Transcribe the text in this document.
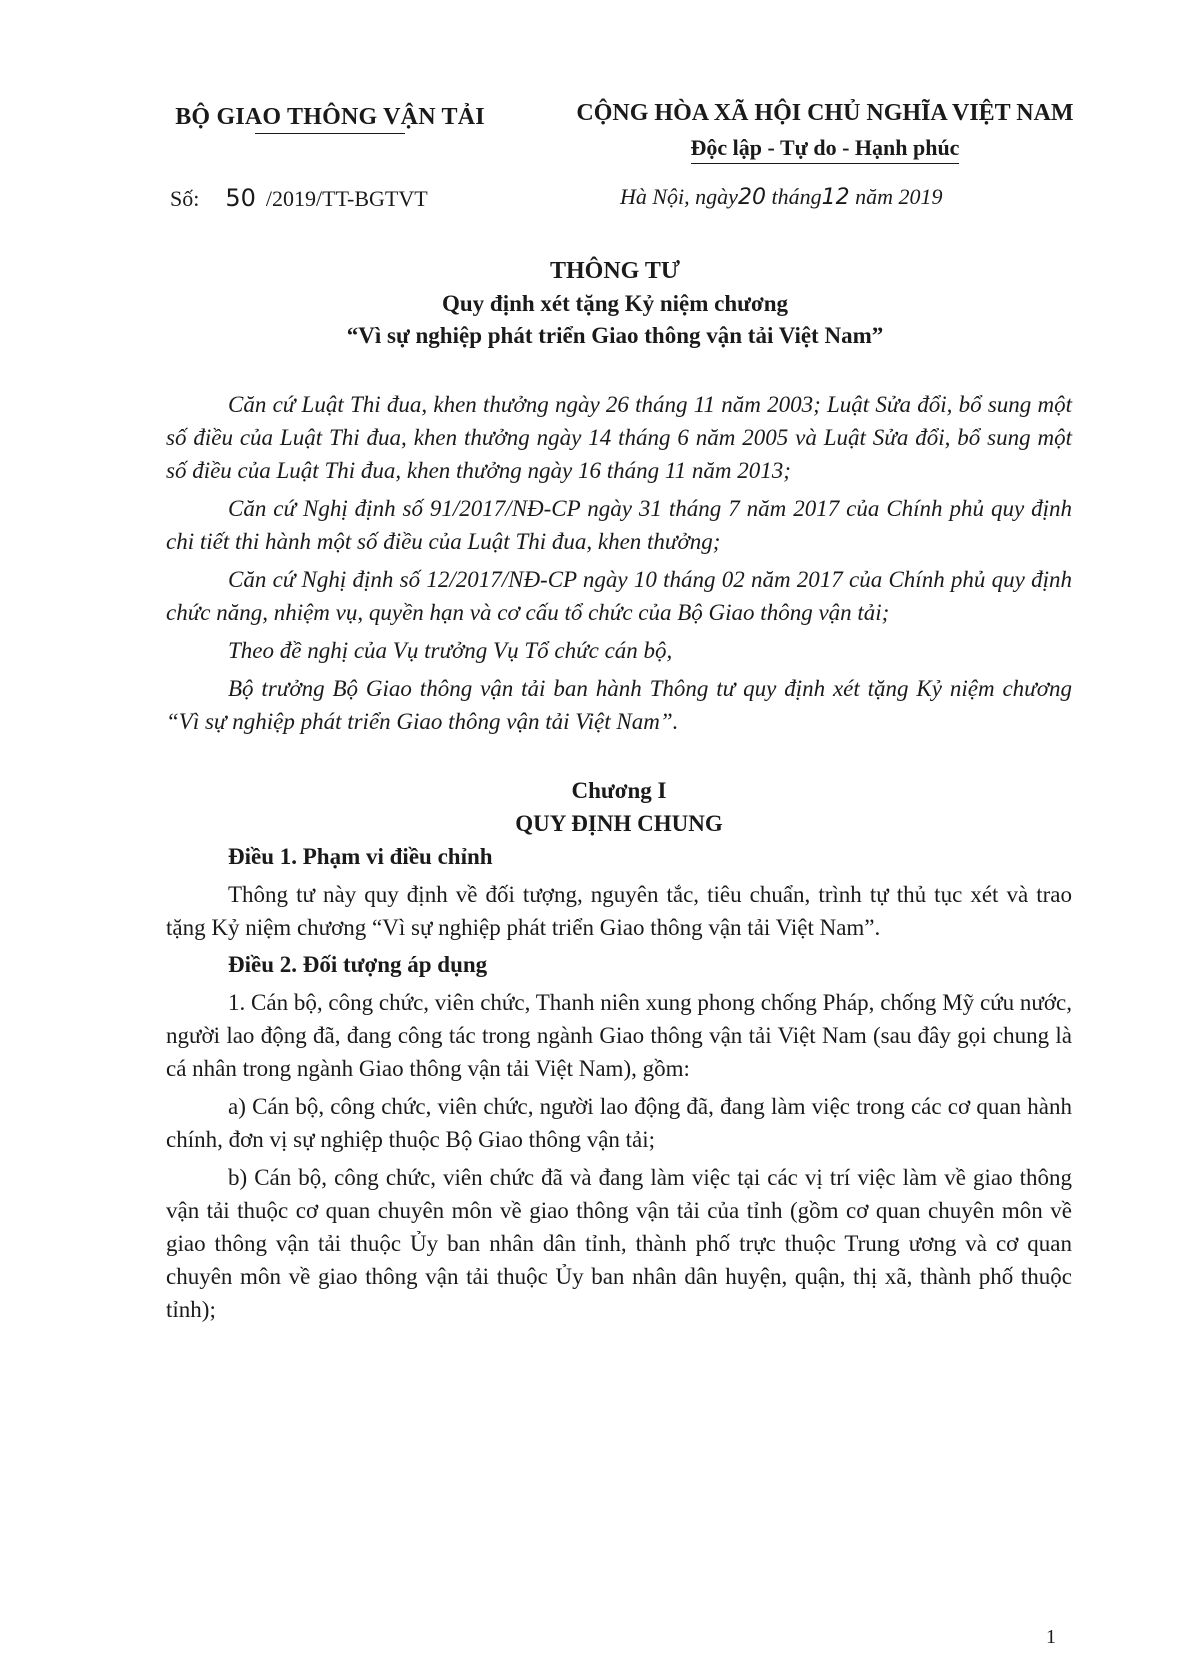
BỘ GIAO THÔNG VẬN TẢI	CỘNG HÒA XÃ HỘI CHỦ NGHĨA VIỆT NAM
Độc lập - Tự do - Hạnh phúc
Số: 50 /2019/TT-BGTVT	Hà Nội, ngày20 tháng12 năm 2019
THÔNG TƯ
Quy định xét tặng Kỷ niệm chương
“Vì sự nghiệp phát triển Giao thông vận tải Việt Nam”

Căn cứ Luật Thi đua, khen thưởng ngày 26 tháng 11 năm 2003; Luật Sửa đổi, bổ sung một số điều của Luật Thi đua, khen thưởng ngày 14 tháng 6 năm 2005 và Luật Sửa đổi, bổ sung một số điều của Luật Thi đua, khen thưởng ngày 16 tháng 11 năm 2013;

Căn cứ Nghị định số 91/2017/NĐ-CP ngày 31 tháng 7 năm 2017 của Chính phủ quy định chi tiết thi hành một số điều của Luật Thi đua, khen thưởng;

Căn cứ Nghị định số 12/2017/NĐ-CP ngày 10 tháng 02 năm 2017 của Chính phủ quy định chức năng, nhiệm vụ, quyền hạn và cơ cấu tổ chức của Bộ Giao thông vận tải;

Theo đề nghị của Vụ trưởng Vụ Tổ chức cán bộ,

Bộ trưởng Bộ Giao thông vận tải ban hành Thông tư quy định xét tặng Kỷ niệm chương “Vì sự nghiệp phát triển Giao thông vận tải Việt Nam”.

Chương I
QUY ĐỊNH CHUNG

Điều 1. Phạm vi điều chỉnh

Thông tư này quy định về đối tượng, nguyên tắc, tiêu chuẩn, trình tự thủ tục xét và trao tặng Kỷ niệm chương “Vì sự nghiệp phát triển Giao thông vận tải Việt Nam”.

Điều 2. Đối tượng áp dụng

1. Cán bộ, công chức, viên chức, Thanh niên xung phong chống Pháp, chống Mỹ cứu nước, người lao động đã, đang công tác trong ngành Giao thông vận tải Việt Nam (sau đây gọi chung là cá nhân trong ngành Giao thông vận tải Việt Nam), gồm:

a) Cán bộ, công chức, viên chức, người lao động đã, đang làm việc trong các cơ quan hành chính, đơn vị sự nghiệp thuộc Bộ Giao thông vận tải;

b) Cán bộ, công chức, viên chức đã và đang làm việc tại các vị trí việc làm về giao thông vận tải thuộc cơ quan chuyên môn về giao thông vận tải của tỉnh (gồm cơ quan chuyên môn về giao thông vận tải thuộc Ủy ban nhân dân tỉnh, thành phố trực thuộc Trung ương và cơ quan chuyên môn về giao thông vận tải thuộc Ủy ban nhân dân huyện, quận, thị xã, thành phố thuộc tỉnh);

1
